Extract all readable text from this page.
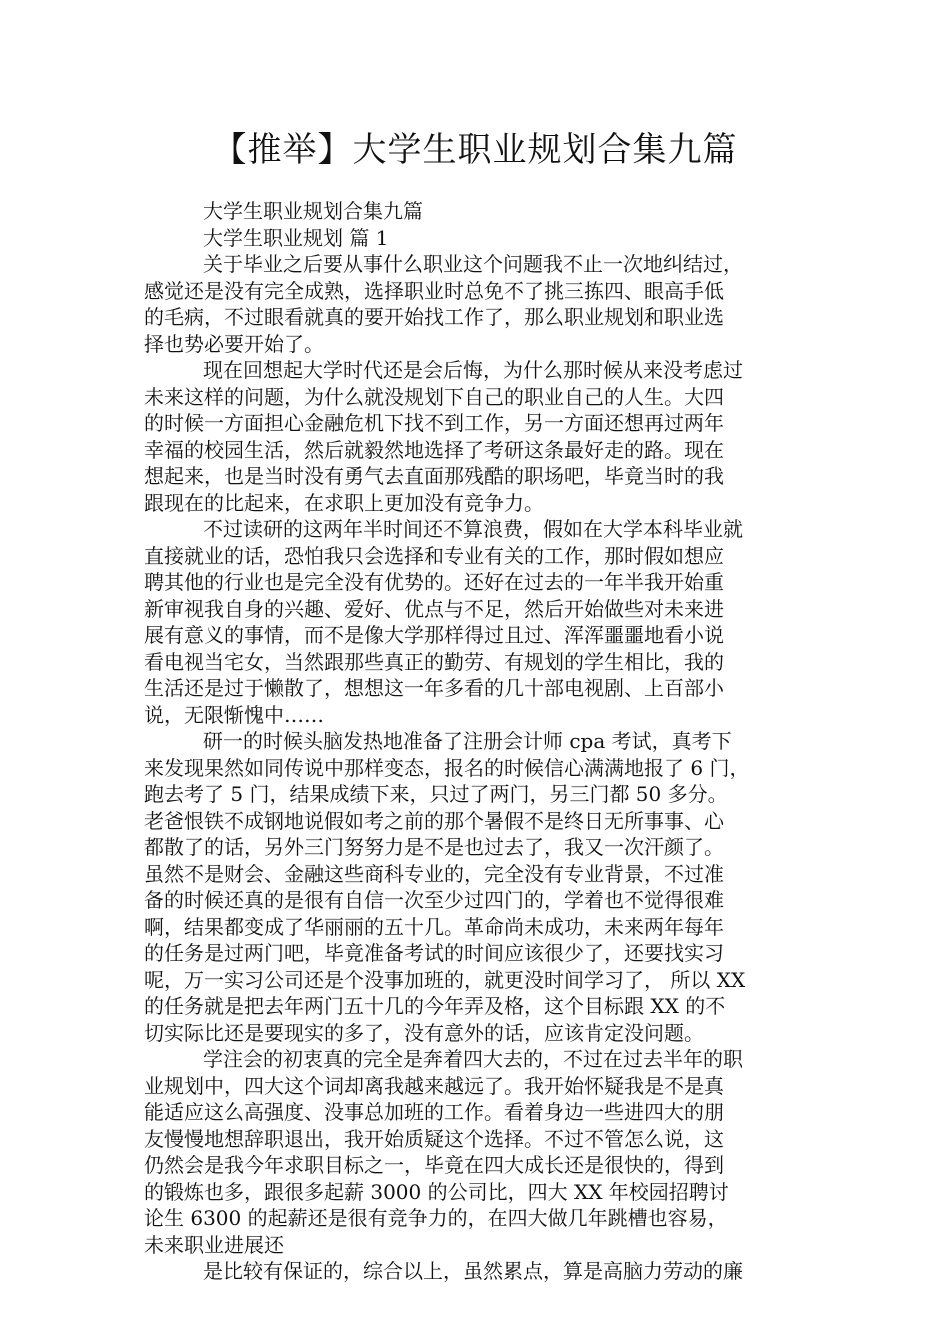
【推举】大学生职业规划合集九篇
大学生职业规划合集九篇
大学生职业规划 篇 1
关于毕业之后要从事什么职业这个问题我不止一次地纠结过，
感觉还是没有完全成熟，选择职业时总免不了挑三拣四、眼高手低
的毛病，不过眼看就真的要开始找工作了，那么职业规划和职业选
择也势必要开始了。
现在回想起大学时代还是会后悔，为什么那时候从来没考虑过
未来这样的问题，为什么就没规划下自己的职业自己的人生。大四
的时候一方面担心金融危机下找不到工作，另一方面还想再过两年
幸福的校园生活，然后就毅然地选择了考研这条最好走的路。现在
想起来，也是当时没有勇气去直面那残酷的职场吧，毕竟当时的我
跟现在的比起来，在求职上更加没有竞争力。
不过读研的这两年半时间还不算浪费，假如在大学本科毕业就
直接就业的话，恐怕我只会选择和专业有关的工作，那时假如想应
聘其他的行业也是完全没有优势的。还好在过去的一年半我开始重
新审视我自身的兴趣、爱好、优点与不足，然后开始做些对未来进
展有意义的事情，而不是像大学那样得过且过、浑浑噩噩地看小说
看电视当宅女，当然跟那些真正的勤劳、有规划的学生相比，我的
生活还是过于懒散了，想想这一年多看的几十部电视剧、上百部小
说，无限惭愧中……
研一的时候头脑发热地准备了注册会计师 cpa 考试，真考下
来发现果然如同传说中那样变态，报名的时候信心满满地报了 6 门，
跑去考了 5 门，结果成绩下来，只过了两门，另三门都 50 多分。
老爸恨铁不成钢地说假如考之前的那个暑假不是终日无所事事、心
都散了的话，另外三门努努力是不是也过去了，我又一次汗颜了。
虽然不是财会、金融这些商科专业的，完全没有专业背景，不过准
备的时候还真的是很有自信一次至少过四门的，学着也不觉得很难
啊，结果都变成了华丽丽的五十几。革命尚未成功，未来两年每年
的任务是过两门吧，毕竟准备考试的时间应该很少了，还要找实习
呢，万一实习公司还是个没事加班的，就更没时间学习了， 所以 XX
的任务就是把去年两门五十几的今年弄及格，这个目标跟 XX 的不
切实际比还是要现实的多了，没有意外的话，应该肯定没问题。
学注会的初衷真的完全是奔着四大去的，不过在过去半年的职
业规划中，四大这个词却离我越来越远了。我开始怀疑我是不是真
能适应这么高强度、没事总加班的工作。看着身边一些进四大的朋
友慢慢地想辞职退出，我开始质疑这个选择。不过不管怎么说，这
仍然会是我今年求职目标之一，毕竟在四大成长还是很快的，得到
的锻炼也多，跟很多起薪 3000 的公司比，四大 XX 年校园招聘讨
论生 6300 的起薪还是很有竞争力的，在四大做几年跳槽也容易，
未来职业进展还
是比较有保证的，综合以上，虽然累点，算是高脑力劳动的廉
